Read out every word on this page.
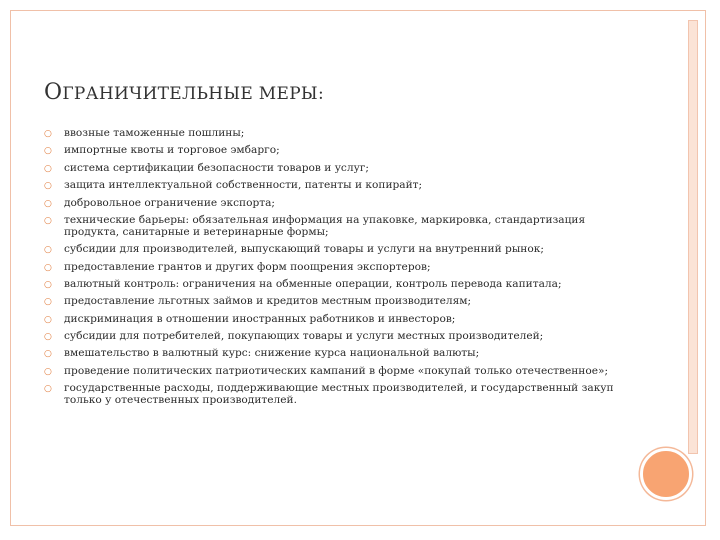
ОГРАНИЧИТЕЛЬНЫЕ МЕРЫ:
○ ввозные таможенные пошлины;
○ импортные квоты и торговое эмбарго;
○ система сертификации безопасности товаров и услуг;
○ защита интеллектуальной собственности, патенты и копирайт;
○ добровольное ограничение экспорта;
○ технические барьеры: обязательная информация на упаковке, маркировка, стандартизация продукта, санитарные и ветеринарные формы;
○ субсидии для производителей, выпускающий товары и услуги на внутренний рынок;
○ предоставление грантов и других форм поощрения экспортеров;
○ валютный контроль: ограничения на обменные операции, контроль перевода капитала;
○ предоставление льготных займов и кредитов местным производителям;
○ дискриминация в отношении иностранных работников и инвесторов;
○ субсидии для потребителей, покупающих товары и услуги местных производителей;
○ вмешательство в валютный курс: снижение курса национальной валюты;
○ проведение политических патриотических кампаний в форме «покупай только отечественное»;
○ государственные расходы, поддерживающие местных производителей, и государственный закуп только у отечественных производителей.
